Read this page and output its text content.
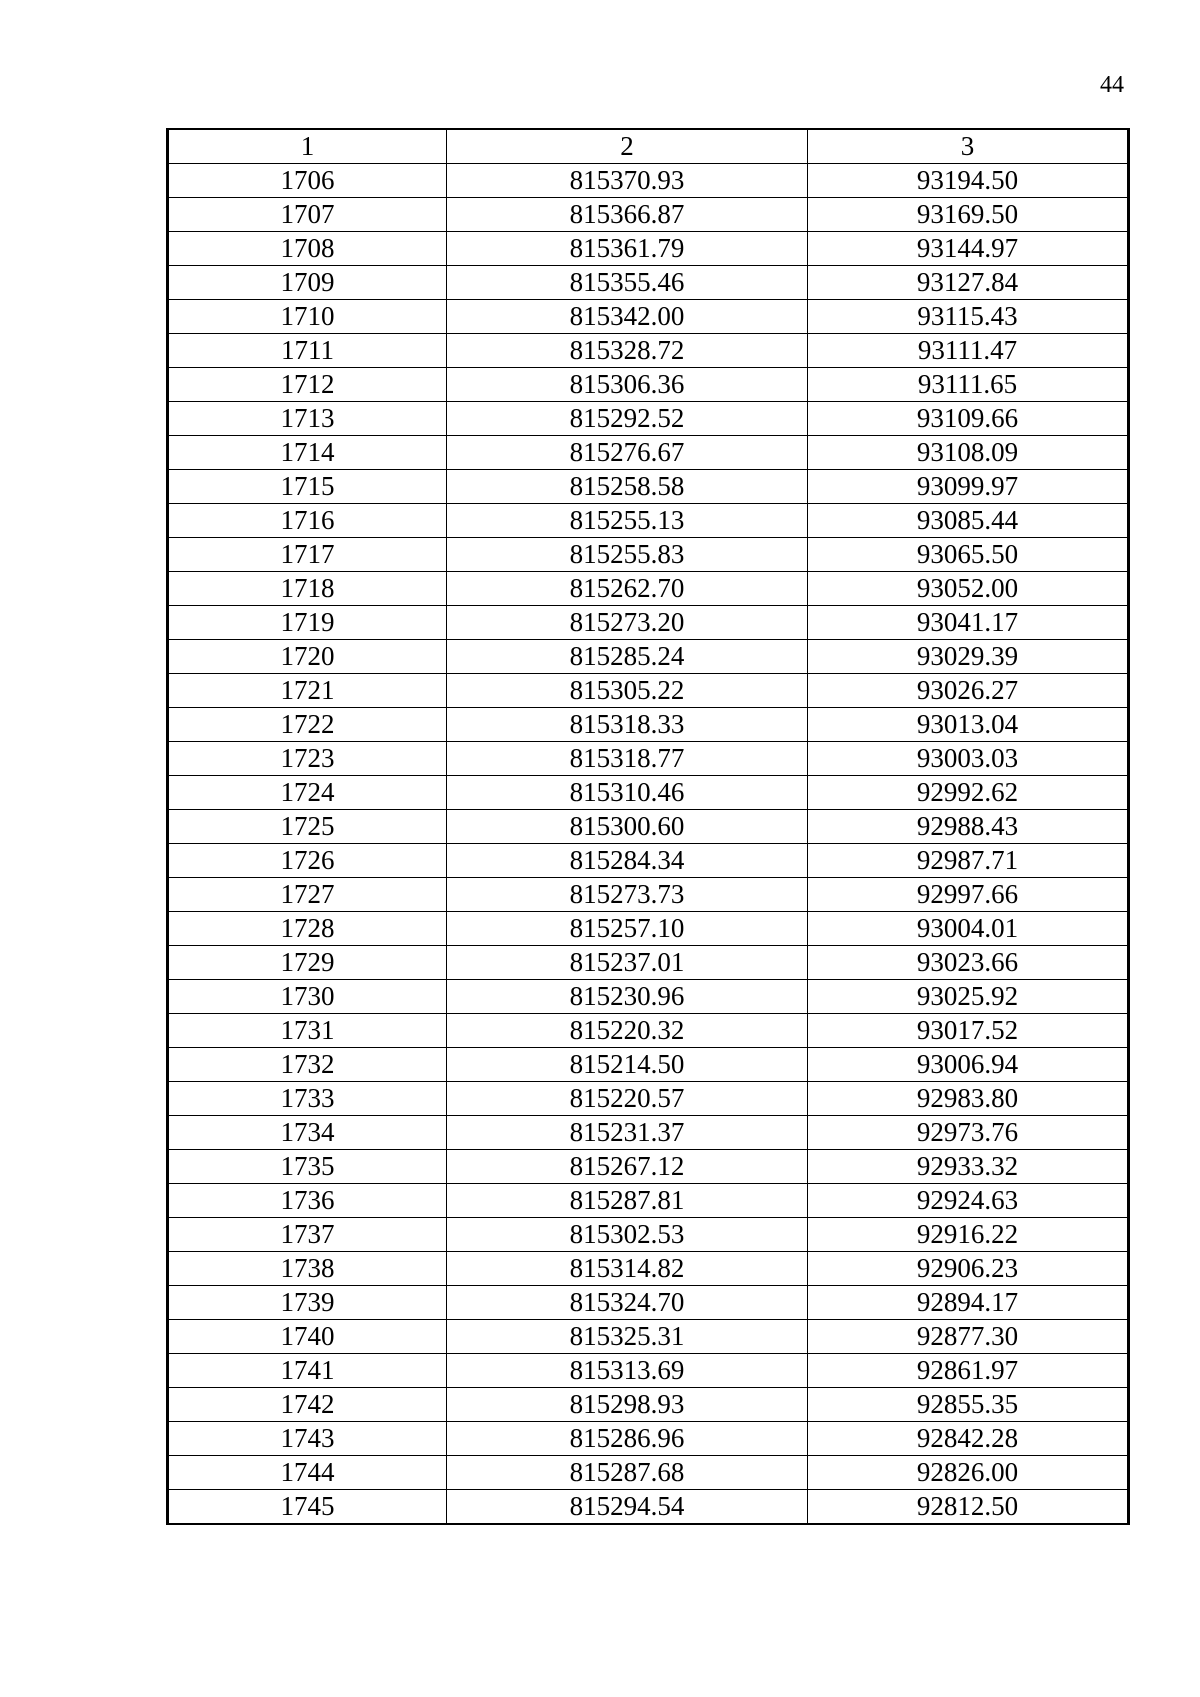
44
1	2	3
1706	815370.93	93194.50
1707	815366.87	93169.50
1708	815361.79	93144.97
1709	815355.46	93127.84
1710	815342.00	93115.43
1711	815328.72	93111.47
1712	815306.36	93111.65
1713	815292.52	93109.66
1714	815276.67	93108.09
1715	815258.58	93099.97
1716	815255.13	93085.44
1717	815255.83	93065.50
1718	815262.70	93052.00
1719	815273.20	93041.17
1720	815285.24	93029.39
1721	815305.22	93026.27
1722	815318.33	93013.04
1723	815318.77	93003.03
1724	815310.46	92992.62
1725	815300.60	92988.43
1726	815284.34	92987.71
1727	815273.73	92997.66
1728	815257.10	93004.01
1729	815237.01	93023.66
1730	815230.96	93025.92
1731	815220.32	93017.52
1732	815214.50	93006.94
1733	815220.57	92983.80
1734	815231.37	92973.76
1735	815267.12	92933.32
1736	815287.81	92924.63
1737	815302.53	92916.22
1738	815314.82	92906.23
1739	815324.70	92894.17
1740	815325.31	92877.30
1741	815313.69	92861.97
1742	815298.93	92855.35
1743	815286.96	92842.28
1744	815287.68	92826.00
1745	815294.54	92812.50
